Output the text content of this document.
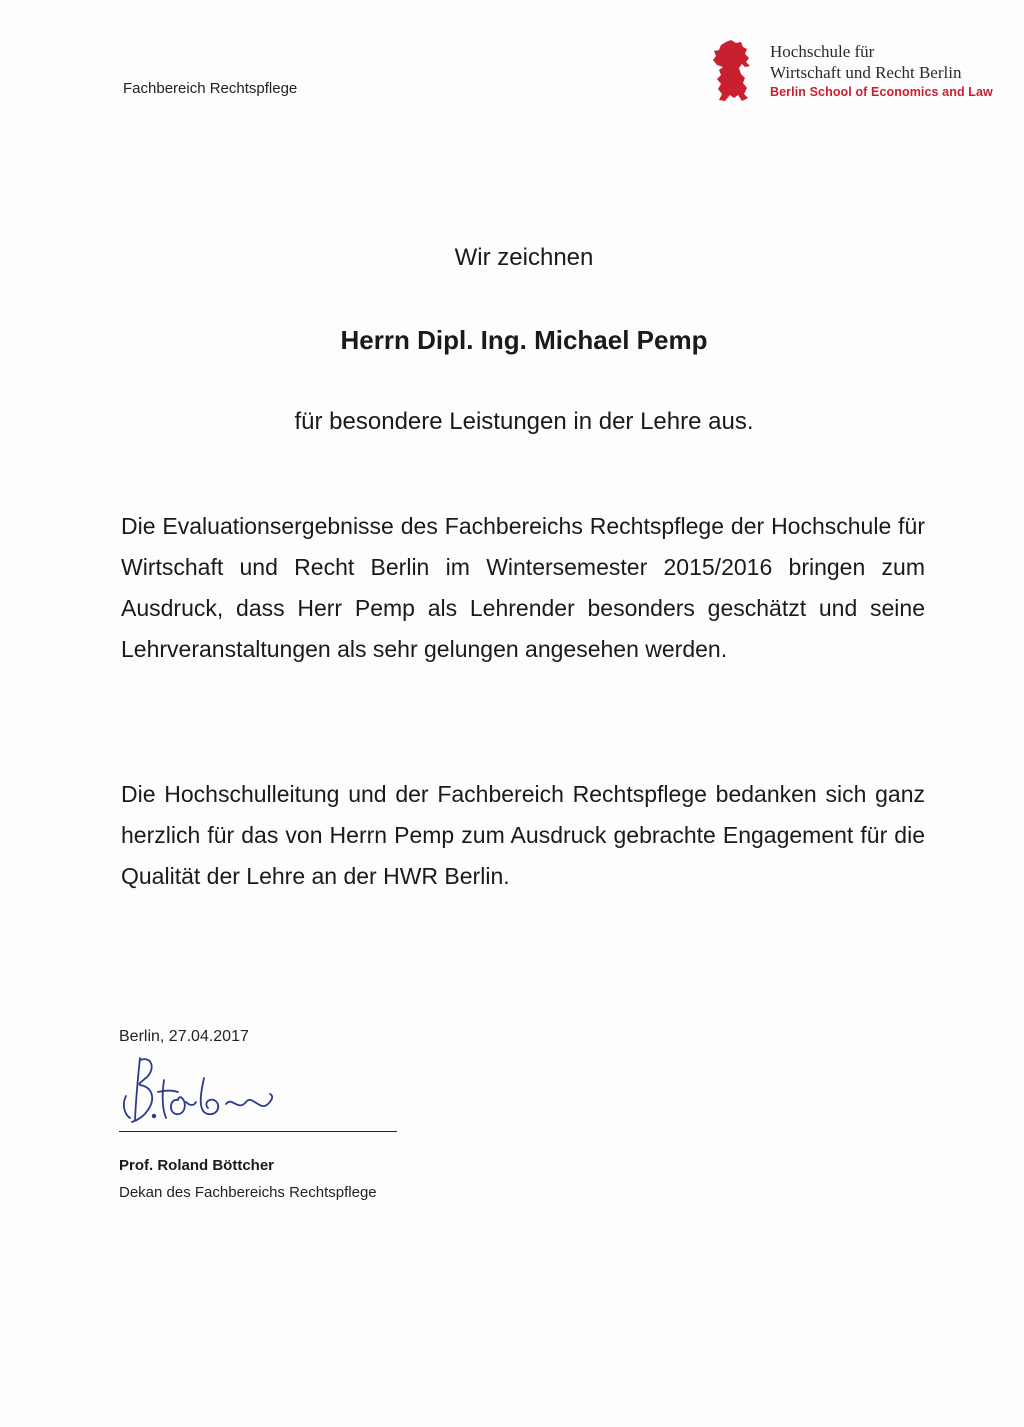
Fachbereich Rechtspflege
Hochschule für
Wirtschaft und Recht Berlin
Berlin School of Economics and Law
Wir zeichnen
Herrn Dipl. Ing. Michael Pemp
für besondere Leistungen in der Lehre aus.
Die Evaluationsergebnisse des Fachbereichs Rechtspflege der Hochschule für Wirtschaft und Recht Berlin im Wintersemester 2015/2016 bringen zum Ausdruck, dass Herr Pemp als Lehrender besonders geschätzt und seine Lehrveranstaltungen als sehr gelungen angesehen werden.
Die Hochschulleitung und der Fachbereich Rechtspflege bedanken sich ganz herzlich für das von Herrn Pemp zum Ausdruck gebrachte Engagement für die Qualität der Lehre an der HWR Berlin.
Berlin, 27.04.2017
Prof. Roland Böttcher
Dekan des Fachbereichs Rechtspflege
